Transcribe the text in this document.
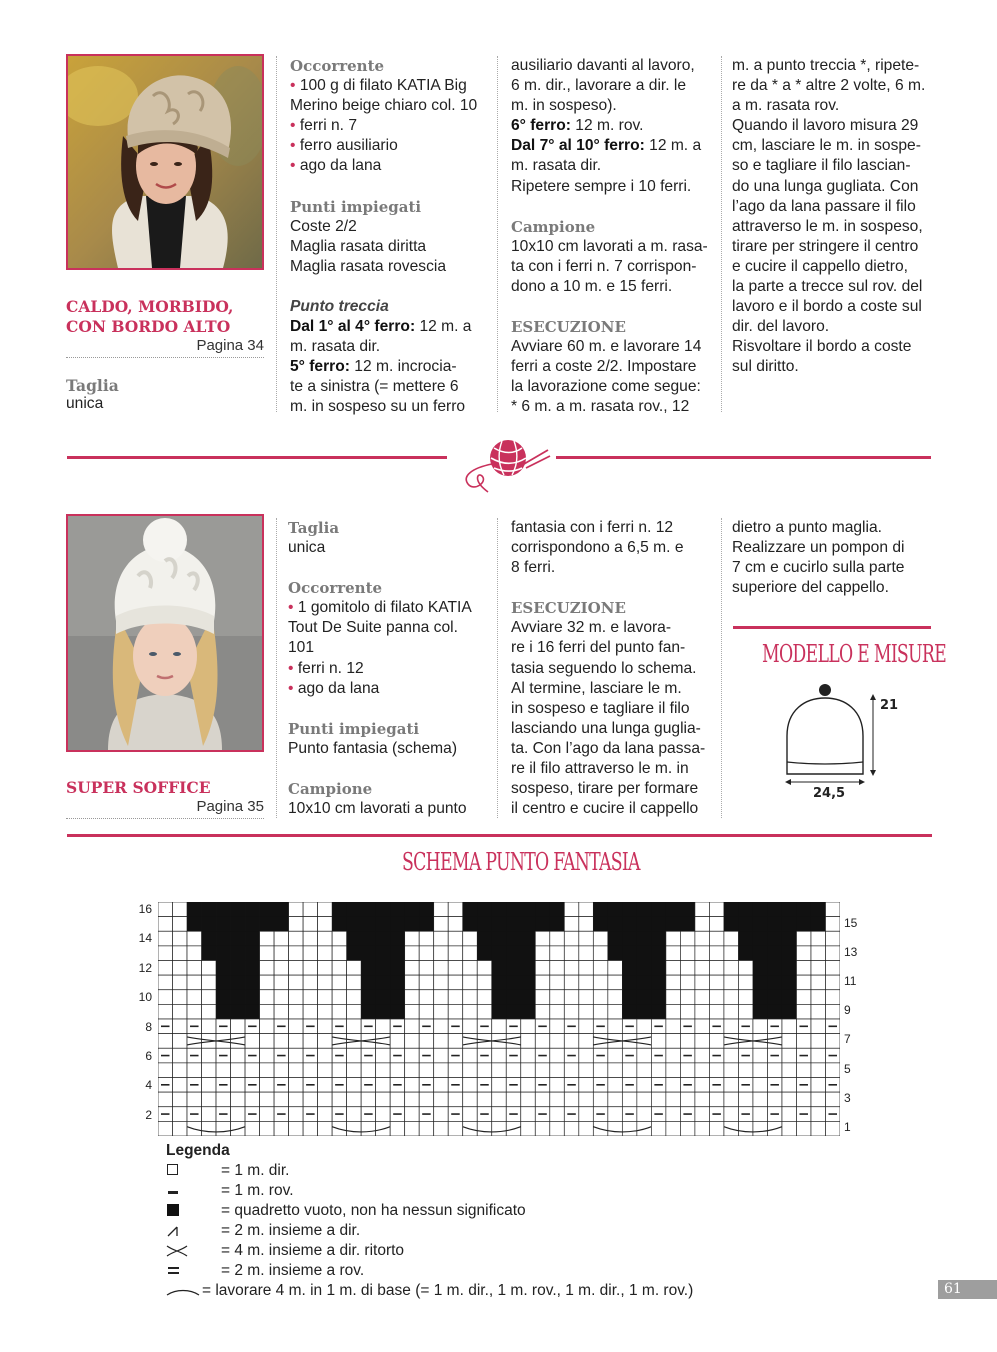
CALDO, MORBIDO,
CON BORDO ALTO
Pagina 34
Taglia
unica

Occorrente

• 100 g di filato KATIA Big

Merino beige chiaro col. 10

• ferri n. 7

• ferro ausiliario

• ago da lana

Punti impiegati

Coste 2/2

Maglia rasata diritta

Maglia rasata rovescia

Punto treccia

Dal 1° al 4° ferro: 12 m. a

m. rasata dir.

5° ferro: 12 m. incrocia-

te a sinistra (= mettere 6

m. in sospeso su un ferro

ausiliario davanti al lavoro,

6 m. dir., lavorare a dir. le

m. in sospeso).

6° ferro: 12 m. rov.

Dal 7° al 10° ferro: 12 m. a

m. rasata dir.

Ripetere sempre i 10 ferri.

Campione

10x10 cm lavorati a m. rasa-

ta con i ferri n. 7 corrispon-

dono a 10 m. e 15 ferri.

ESECUZIONE

Avviare 60 m. e lavorare 14

ferri a coste 2/2. Impostare

la lavorazione come segue:

* 6 m. a m. rasata rov., 12

m. a punto treccia *, ripete-

re da * a * altre 2 volte, 6 m.

a m. rasata rov.

Quando il lavoro misura 29

cm, lasciare le m. in sospe-

so e tagliare il filo lascian-

do una lunga gugliata. Con

l’ago da lana passare il filo

attraverso le m. in sospeso,

tirare per stringere il centro

e cucire il cappello dietro,

la parte a trecce sul rov. del

lavoro e il bordo a coste sul

dir. del lavoro.

Risvoltare il bordo a coste

sul diritto.

SUPER SOFFICE
Pagina 35

Taglia

unica

Occorrente

• 1 gomitolo di filato KATIA

Tout De Suite panna col.

101

• ferri n. 12

• ago da lana

Punti impiegati

Punto fantasia (schema)

Campione

10x10 cm lavorati a punto

fantasia con i ferri n. 12

corrispondono a 6,5 m. e

8 ferri.

ESECUZIONE

Avviare 32 m. e lavora-

re i 16 ferri del punto fan-

tasia seguendo lo schema.

Al termine, lasciare le m.

in sospeso e tagliare il filo

lasciando una lunga guglia-

ta. Con l’ago da lana passa-

re il filo attraverso le m. in

sospeso, tirare per formare

il centro e cucire il cappello

dietro a punto maglia.

Realizzare un pompon di

7 cm e cucirlo sulla parte

superiore del cappello.

MODELLO E MISURE
21
24,5
SCHEMA PUNTO FANTASIA
16
14
12
10
8
6
4
2
15
13
11
9
7
5
3
1
Legenda
= 1 m. dir.
= 1 m. rov.
= quadretto vuoto, non ha nessun significato
= 2 m. insieme a dir.
= 4 m. insieme a dir. ritorto
= 2 m. insieme a rov.
= lavorare 4 m. in 1 m. di base (= 1 m. dir., 1 m. rov., 1 m. dir., 1 m. rov.)	61
